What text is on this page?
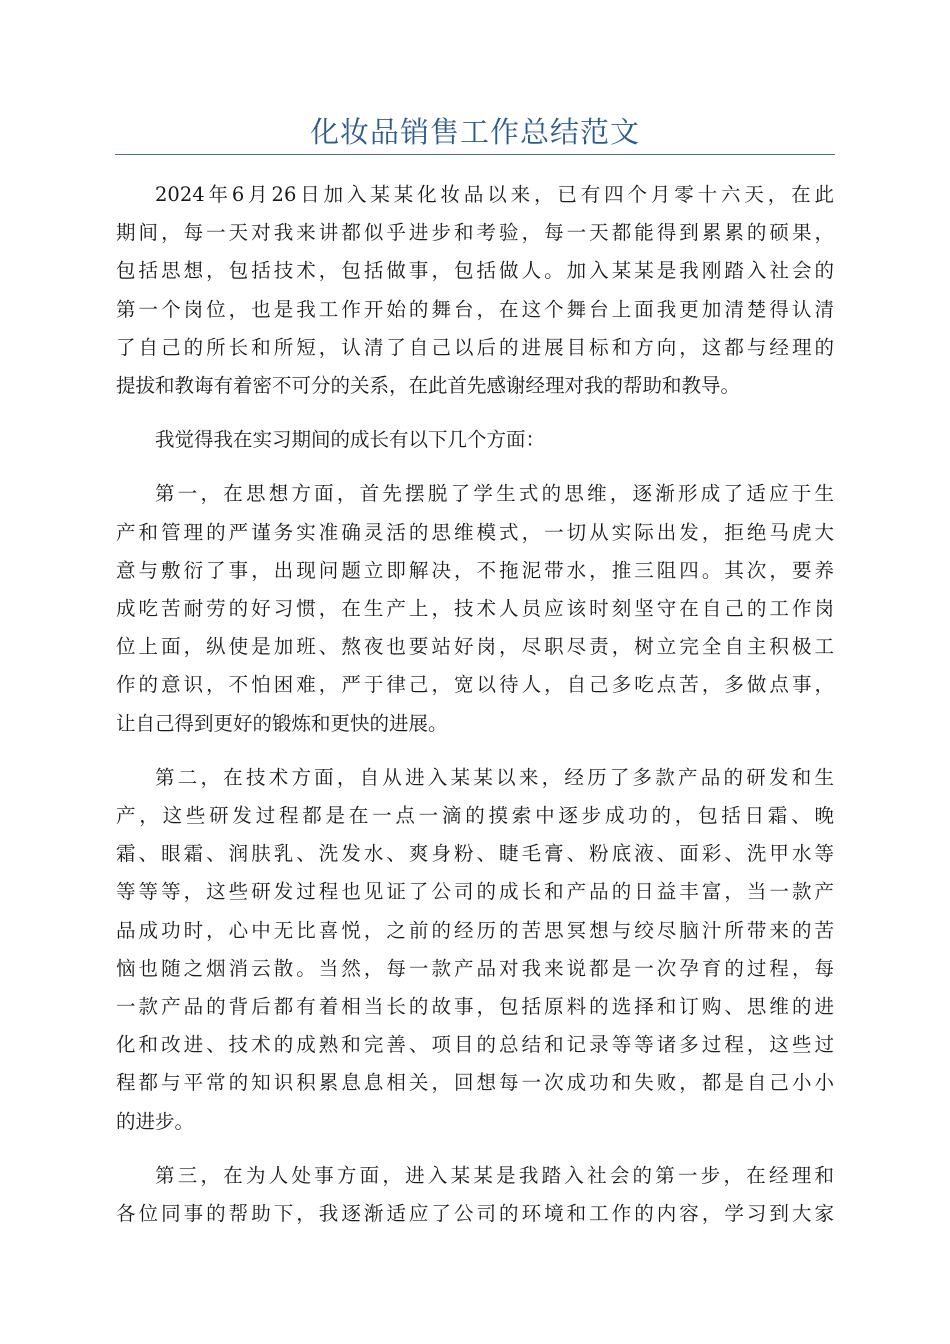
化妆品销售工作总结范文

2024年6月26日加入某某化妆品以来，已有四个月零十六天，在此
期间，每一天对我来讲都似乎进步和考验，每一天都能得到累累的硕果，
包括思想，包括技术，包括做事，包括做人。加入某某是我刚踏入社会的
第一个岗位，也是我工作开始的舞台，在这个舞台上面我更加清楚得认清
了自己的所长和所短，认清了自己以后的进展目标和方向，这都与经理的
提拔和教诲有着密不可分的关系，在此首先感谢经理对我的帮助和教导。

我觉得我在实习期间的成长有以下几个方面：

第一，在思想方面，首先摆脱了学生式的思维，逐渐形成了适应于生
产和管理的严谨务实准确灵活的思维模式，一切从实际出发，拒绝马虎大
意与敷衍了事，出现问题立即解决，不拖泥带水，推三阻四。其次，要养
成吃苦耐劳的好习惯，在生产上，技术人员应该时刻坚守在自己的工作岗
位上面，纵使是加班、熬夜也要站好岗，尽职尽责，树立完全自主积极工
作的意识，不怕困难，严于律己，宽以待人，自己多吃点苦，多做点事，
让自己得到更好的锻炼和更快的进展。

第二，在技术方面，自从进入某某以来，经历了多款产品的研发和生
产，这些研发过程都是在一点一滴的摸索中逐步成功的，包括日霜、晚
霜、眼霜、润肤乳、洗发水、爽身粉、睫毛膏、粉底液、面彩、洗甲水等
等等等，这些研发过程也见证了公司的成长和产品的日益丰富，当一款产
品成功时，心中无比喜悦，之前的经历的苦思冥想与绞尽脑汁所带来的苦
恼也随之烟消云散。当然，每一款产品对我来说都是一次孕育的过程，每
一款产品的背后都有着相当长的故事，包括原料的选择和订购、思维的进
化和改进、技术的成熟和完善、项目的总结和记录等等诸多过程，这些过
程都与平常的知识积累息息相关，回想每一次成功和失败，都是自己小小
的进步。

第三，在为人处事方面，进入某某是我踏入社会的第一步，在经理和
各位同事的帮助下，我逐渐适应了公司的环境和工作的内容，学习到大家
